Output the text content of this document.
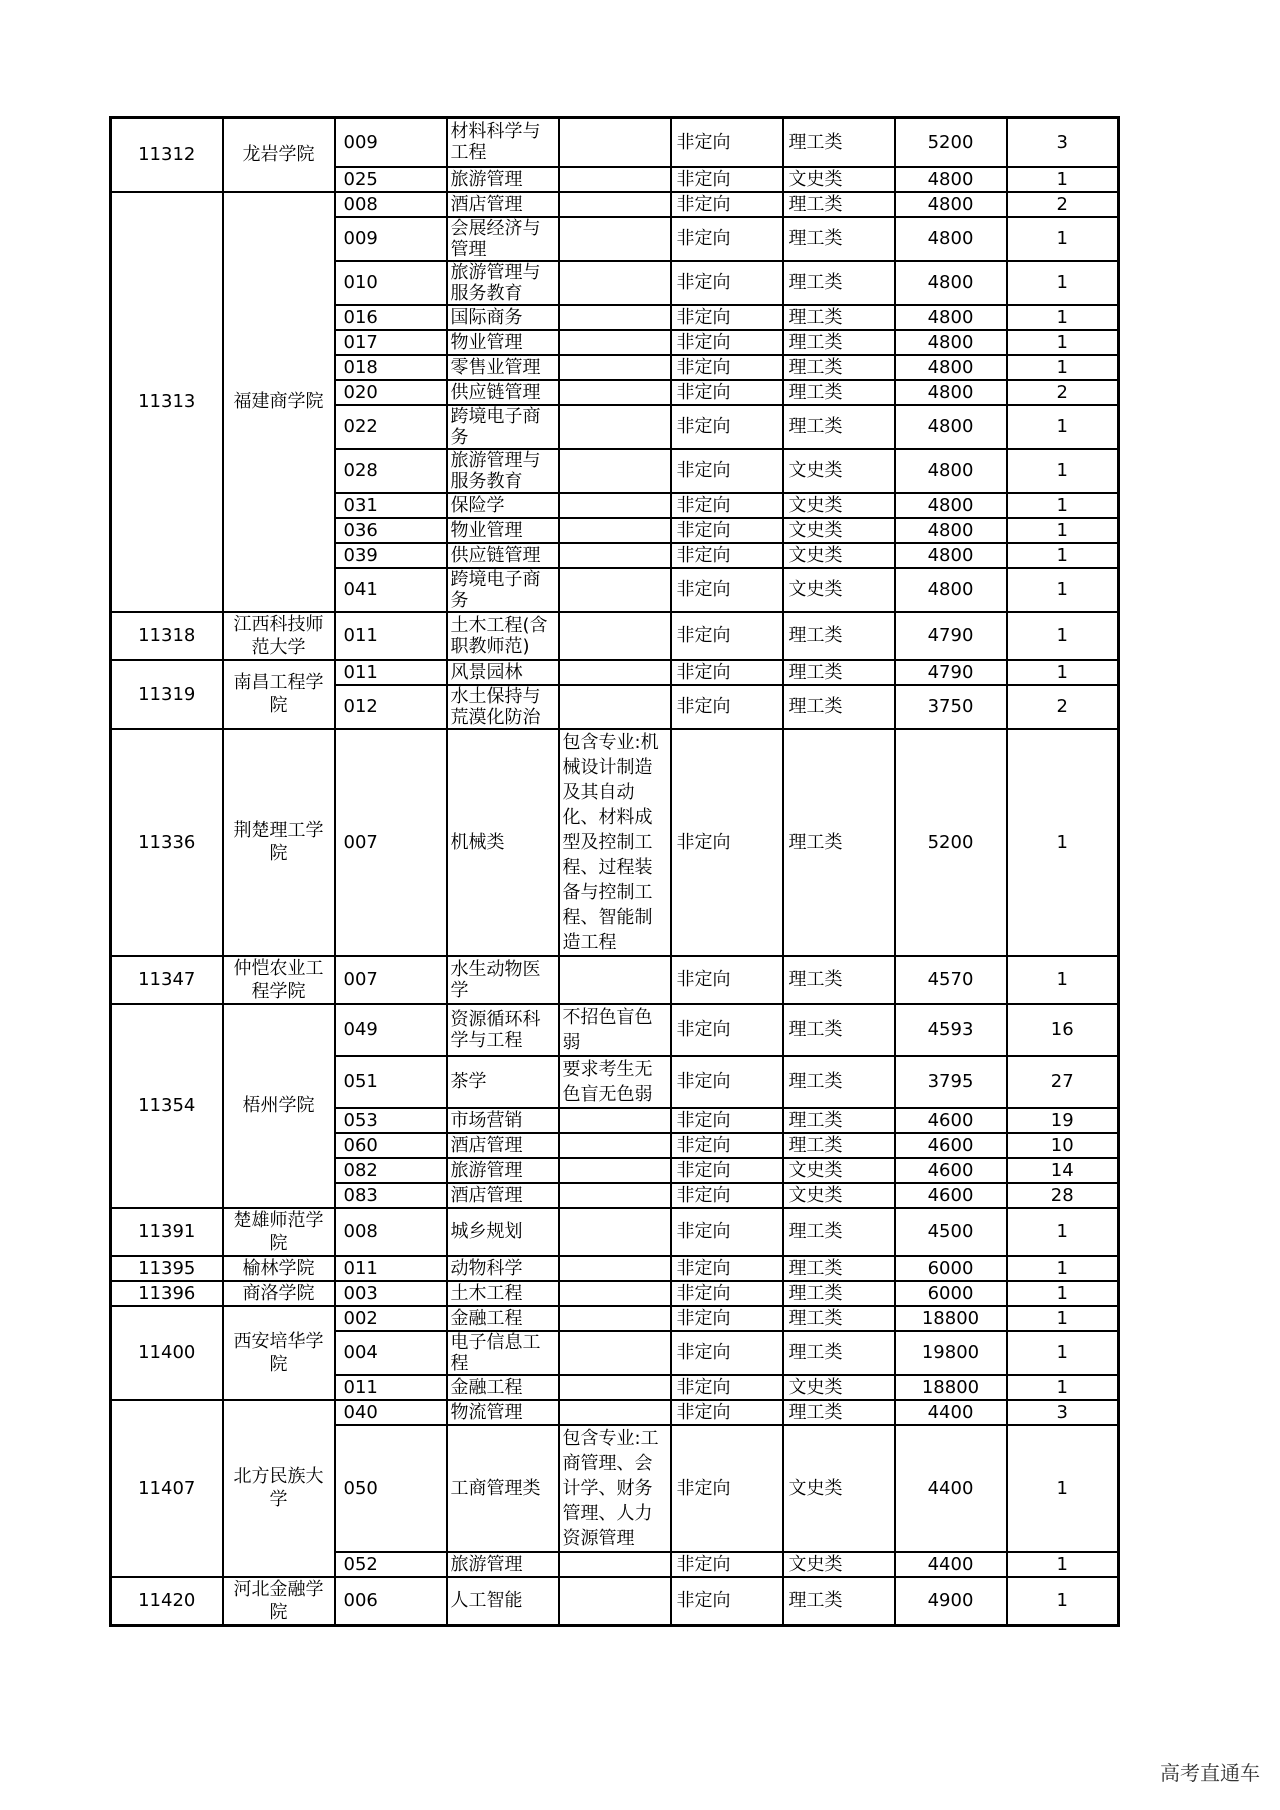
11312	龙岩学院	009	材料科学与工程		非定向	理工类	5200	3
		025	旅游管理		非定向	文史类	4800	1
11313	福建商学院	008	酒店管理		非定向	理工类	4800	2
		009	会展经济与管理		非定向	理工类	4800	1
		010	旅游管理与服务教育		非定向	理工类	4800	1
		016	国际商务		非定向	理工类	4800	1
		017	物业管理		非定向	理工类	4800	1
		018	零售业管理		非定向	理工类	4800	1
		020	供应链管理		非定向	理工类	4800	2
		022	跨境电子商务		非定向	理工类	4800	1
		028	旅游管理与服务教育		非定向	文史类	4800	1
		031	保险学		非定向	文史类	4800	1
		036	物业管理		非定向	文史类	4800	1
		039	供应链管理		非定向	文史类	4800	1
		041	跨境电子商务		非定向	文史类	4800	1
11318	江西科技师范大学	011	土木工程(含职教师范)		非定向	理工类	4790	1
11319	南昌工程学院	011	风景园林		非定向	理工类	4790	1
		012	水土保持与荒漠化防治		非定向	理工类	3750	2
11336	荆楚理工学院	007	机械类	包含专业:机械设计制造及其自动化、材料成型及控制工程、过程装备与控制工程、智能制造工程	非定向	理工类	5200	1
11347	仲恺农业工程学院	007	水生动物医学		非定向	理工类	4570	1
11354	梧州学院	049	资源循环科学与工程	不招色盲色弱	非定向	理工类	4593	16
		051	茶学	要求考生无色盲无色弱	非定向	理工类	3795	27
		053	市场营销		非定向	理工类	4600	19
		060	酒店管理		非定向	理工类	4600	10
		082	旅游管理		非定向	文史类	4600	14
		083	酒店管理		非定向	文史类	4600	28
11391	楚雄师范学院	008	城乡规划		非定向	理工类	4500	1
11395	榆林学院	011	动物科学		非定向	理工类	6000	1
11396	商洛学院	003	土木工程		非定向	理工类	6000	1
11400	西安培华学院	002	金融工程		非定向	理工类	18800	1
		004	电子信息工程		非定向	理工类	19800	1
		011	金融工程		非定向	文史类	18800	1
11407	北方民族大学	040	物流管理		非定向	理工类	4400	3
		050	工商管理类	包含专业:工商管理、会计学、财务管理、人力资源管理	非定向	文史类	4400	1
		052	旅游管理		非定向	文史类	4400	1
11420	河北金融学院	006	人工智能		非定向	理工类	4900	1
高考直通车
